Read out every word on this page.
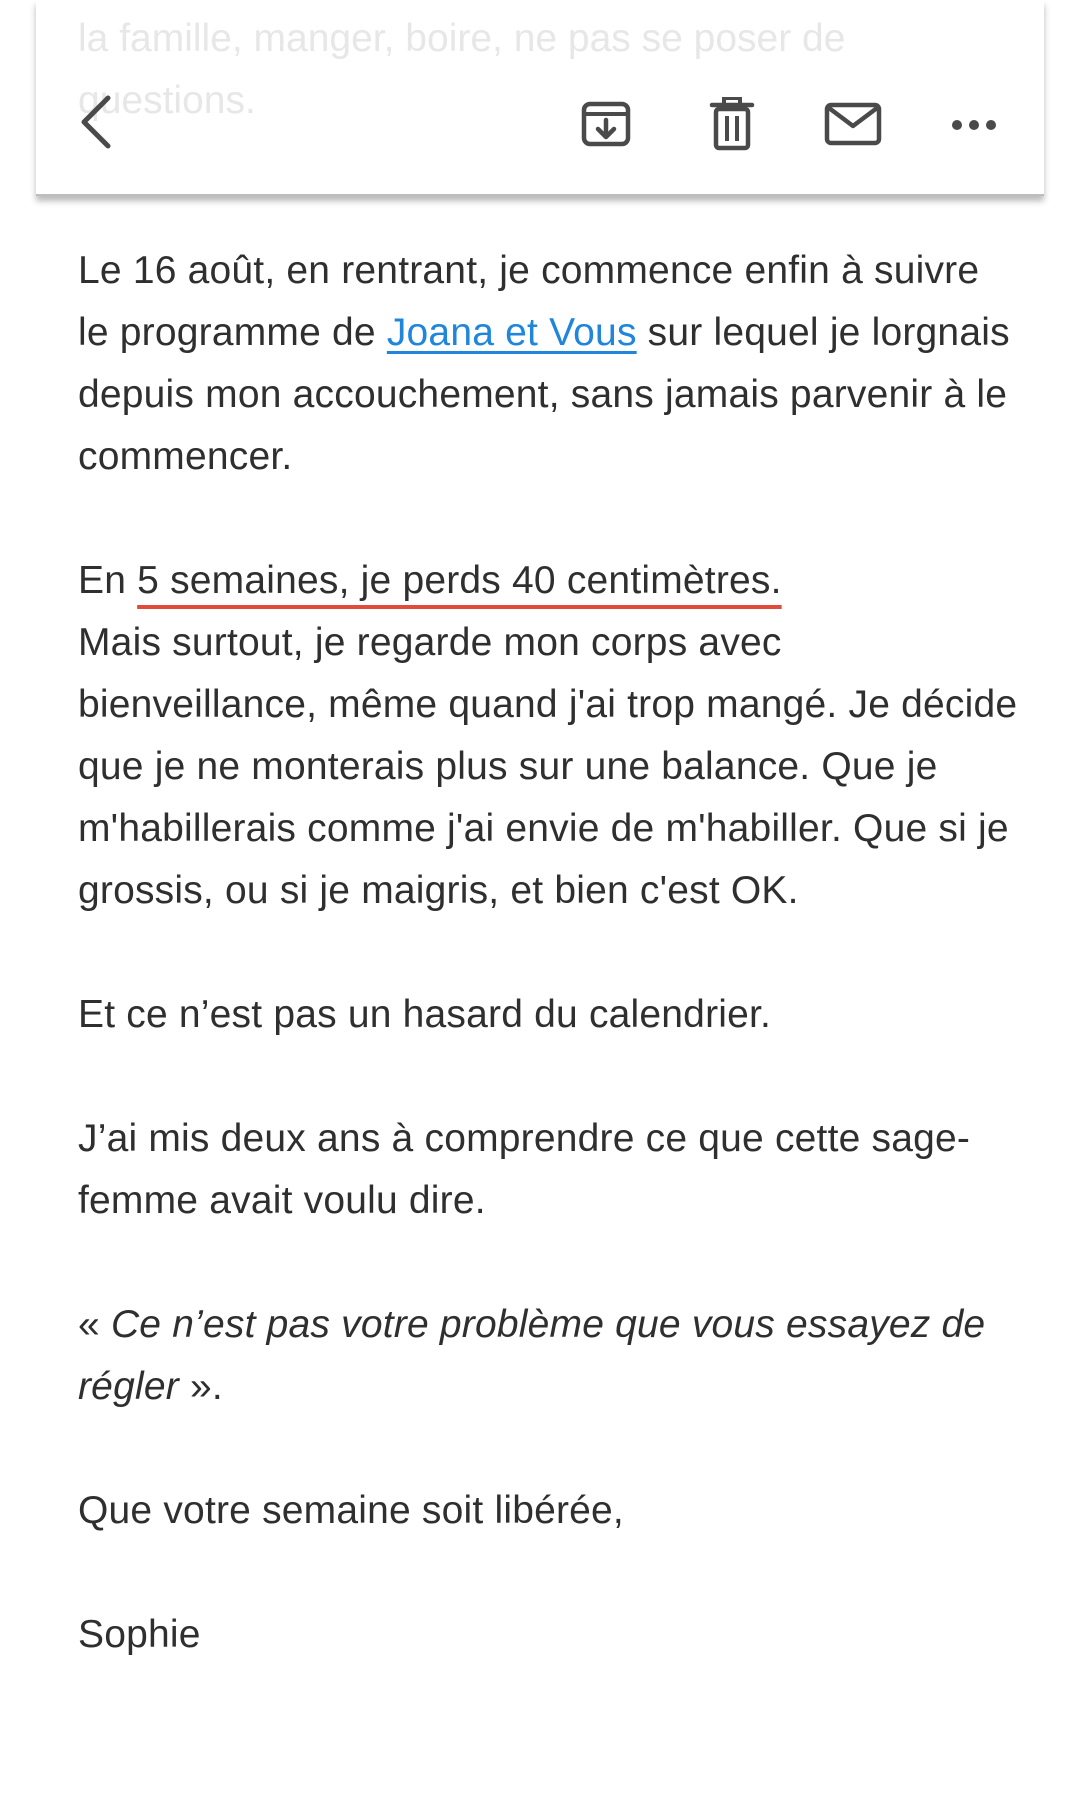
Le 16 août, en rentrant, je commence enfin à suivre le programme de Joana et Vous sur lequel je lorgnais depuis mon accouchement, sans jamais parvenir à le commencer.

En 5 semaines, je perds 40 centimètres.
Mais surtout, je regarde mon corps avec bienveillance, même quand j'ai trop mangé. Je décide que je ne monterais plus sur une balance. Que je m'habillerais comme j'ai envie de m'habiller. Que si je grossis, ou si je maigris, et bien c'est OK.

Et ce n’est pas un hasard du calendrier.

J’ai mis deux ans à comprendre ce que cette sage-femme avait voulu dire.

« Ce n’est pas votre problème que vous essayez de régler ».

Que votre semaine soit libérée,

Sophie
